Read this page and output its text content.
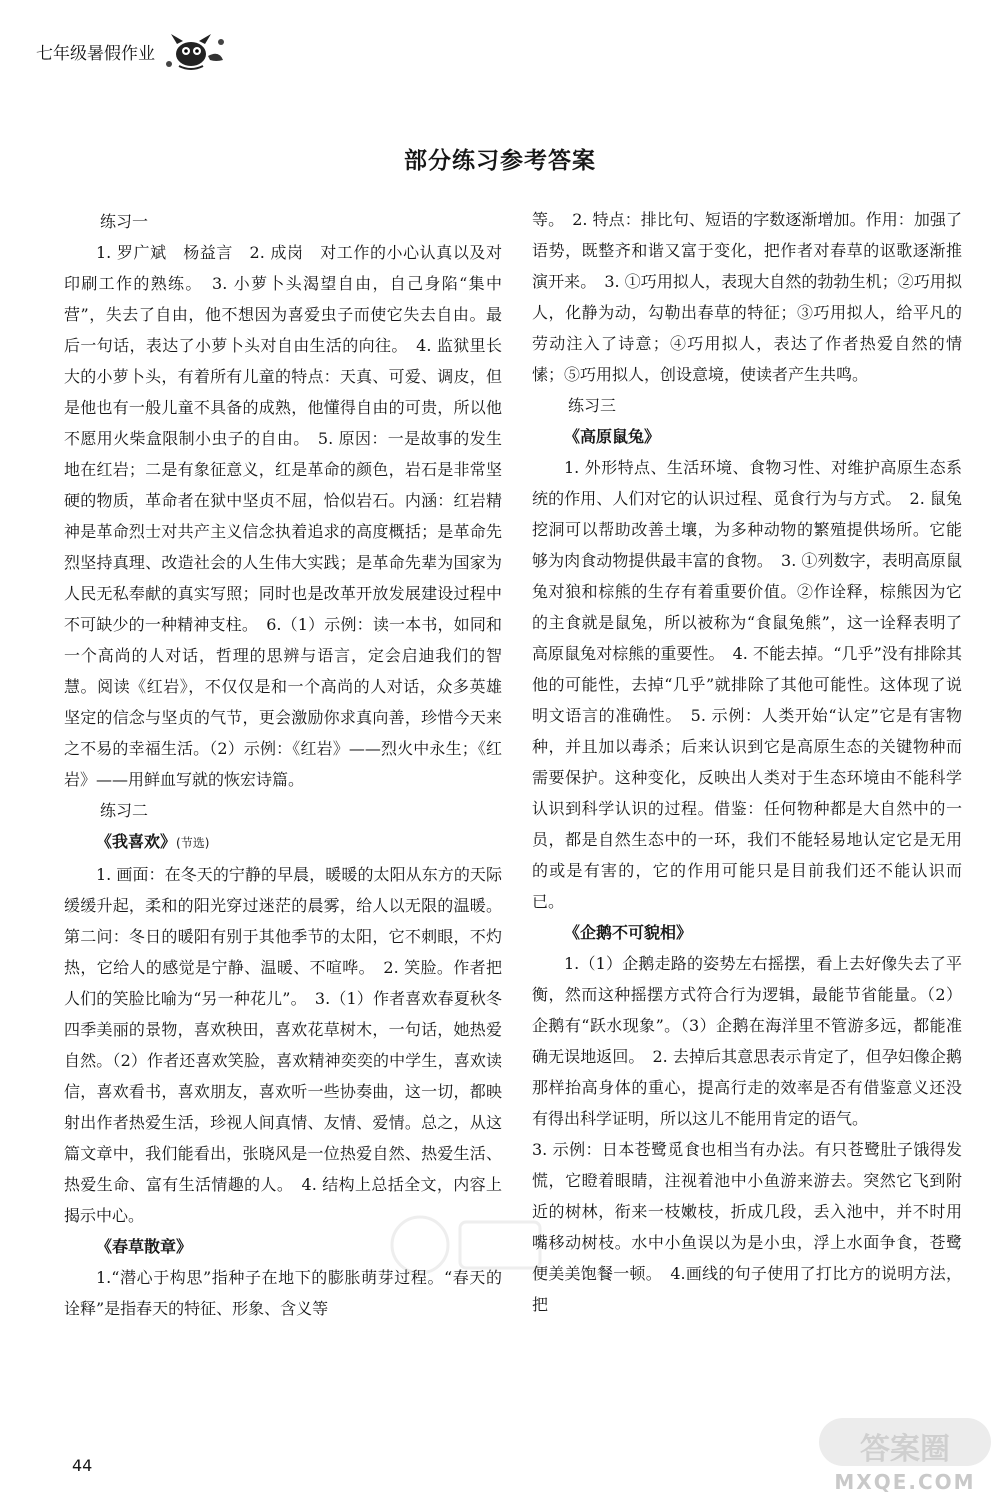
七年级暑假作业
部分练习参考答案
练习一

1. 罗广斌　杨益言　2. 成岗　对工作的小心认真以及对印刷工作的熟练。　3. 小萝卜头渴望自由，自己身陷“集中营”，失去了自由，他不想因为喜爱虫子而使它失去自由。最后一句话，表达了小萝卜头对自由生活的向往。　4. 监狱里长大的小萝卜头，有着所有儿童的特点：天真、可爱、调皮，但是他也有一般儿童不具备的成熟，他懂得自由的可贵，所以他不愿用火柴盒限制小虫子的自由。　5. 原因：一是故事的发生地在红岩；二是有象征意义，红是革命的颜色，岩石是非常坚硬的物质，革命者在狱中坚贞不屈，恰似岩石。内涵：红岩精神是革命烈士对共产主义信念执着追求的高度概括；是革命先烈坚持真理、改造社会的人生伟大实践；是革命先辈为国家为人民无私奉献的真实写照；同时也是改革开放发展建设过程中不可缺少的一种精神支柱。　6.（1）示例：读一本书，如同和一个高尚的人对话，哲理的思辨与语言，定会启迪我们的智慧。阅读《红岩》，不仅仅是和一个高尚的人对话，众多英雄坚定的信念与坚贞的气节，更会激励你求真向善，珍惜今天来之不易的幸福生活。（2）示例：《红岩》——烈火中永生；《红岩》——用鲜血写就的恢宏诗篇。

练习二
《我喜欢》(节选)

1. 画面：在冬天的宁静的早晨，暖暖的太阳从东方的天际缓缓升起，柔和的阳光穿过迷茫的晨雾，给人以无限的温暖。第二问：冬日的暖阳有别于其他季节的太阳，它不刺眼，不灼热，它给人的感觉是宁静、温暖、不喧哗。　2. 笑脸。作者把人们的笑脸比喻为“另一种花儿”。　3.（1）作者喜欢春夏秋冬四季美丽的景物，喜欢秧田，喜欢花草树木，一句话，她热爱自然。（2）作者还喜欢笑脸，喜欢精神奕奕的中学生，喜欢读信，喜欢看书，喜欢朋友，喜欢听一些协奏曲，这一切，都映射出作者热爱生活，珍视人间真情、友情、爱情。总之，从这篇文章中，我们能看出，张晓风是一位热爱自然、热爱生活、热爱生命、富有生活情趣的人。　4. 结构上总括全文，内容上揭示中心。

《春草散章》

1.“潜心于构思”指种子在地下的膨胀萌芽过程。“春天的诠释”是指春天的特征、形象、含义等

等。　2. 特点：排比句、短语的字数逐渐增加。作用：加强了语势，既整齐和谐又富于变化，把作者对春草的讴歌逐渐推演开来。　3. ①巧用拟人，表现大自然的勃勃生机；②巧用拟人，化静为动，勾勒出春草的特征；③巧用拟人，给平凡的劳动注入了诗意；④巧用拟人，表达了作者热爱自然的情愫；⑤巧用拟人，创设意境，使读者产生共鸣。

练习三
《高原鼠兔》

1. 外形特点、生活环境、食物习性、对维护高原生态系统的作用、人们对它的认识过程、觅食行为与方式。　2. 鼠兔挖洞可以帮助改善土壤，为多种动物的繁殖提供场所。它能够为肉食动物提供最丰富的食物。　3. ①列数字，表明高原鼠兔对狼和棕熊的生存有着重要价值。②作诠释，棕熊因为它的主食就是鼠兔，所以被称为“食鼠兔熊”，这一诠释表明了高原鼠兔对棕熊的重要性。　4. 不能去掉。“几乎”没有排除其他的可能性，去掉“几乎”就排除了其他可能性。这体现了说明文语言的准确性。　5. 示例：人类开始“认定”它是有害物种，并且加以毒杀；后来认识到它是高原生态的关键物种而需要保护。这种变化，反映出人类对于生态环境由不能科学认识到科学认识的过程。借鉴：任何物种都是大自然中的一员，都是自然生态中的一环，我们不能轻易地认定它是无用的或是有害的，它的作用可能只是目前我们还不能认识而已。

《企鹅不可貌相》

1.（1）企鹅走路的姿势左右摇摆，看上去好像失去了平衡，然而这种摇摆方式符合行为逻辑，最能节省能量。（2）企鹅有“跃水现象”。（3）企鹅在海洋里不管游多远，都能准确无误地返回。　2. 去掉后其意思表示肯定了，但孕妇像企鹅那样抬高身体的重心，提高行走的效率是否有借鉴意义还没有得出科学证明，所以这儿不能用肯定的语气。

3. 示例：日本苍鹭觅食也相当有办法。有只苍鹭肚子饿得发慌，它瞪着眼睛，注视着池中小鱼游来游去。突然它飞到附近的树林，衔来一枝嫩枝，折成几段，丢入池中，并不时用嘴移动树枝。水中小鱼误以为是小虫，浮上水面争食，苍鹭便美美饱餐一顿。　4.画线的句子使用了打比方的说明方法，把

答案圈
MXQE.COM
44
